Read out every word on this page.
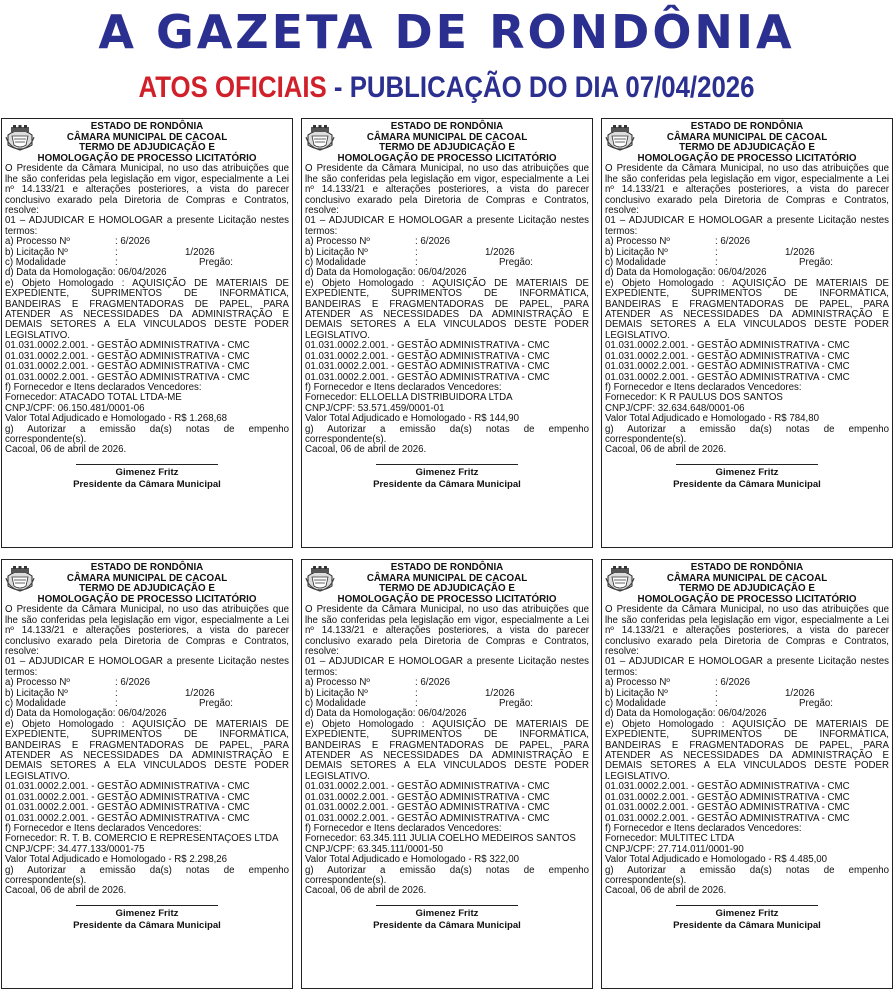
A GAZETA DE RONDÔNIA
ATOS OFICIAIS - PUBLICAÇÃO DO DIA 07/04/2026
ESTADO DE RONDÔNIA
CÂMARA MUNICIPAL DE CACOAL
TERMO DE ADJUDICAÇÃO E
HOMOLOGAÇÃO DE PROCESSO LICITATÓRIO

O Presidente da Câmara Municipal, no uso das atribuições que lhe são conferidas pela legislação em vigor, especialmente a Lei nº 14.133/21 e alterações posteriores, a vista do parecer conclusivo exarado pela Diretoria de Compras e Contratos, resolve:

01 – ADJUDICAR E HOMOLOGAR a presente Licitação nestes termos:

a) Processo Nº	: 6/2026
b) Licitação Nº	:	1/2026
c) Modalidade	:	Pregão:
d) Data da Homologação: 06/04/2026

e) Objeto Homologado : AQUISIÇÃO DE MATERIAIS DE EXPEDIENTE, SUPRIMENTOS DE INFORMÁTICA, BANDEIRAS E FRAGMENTADORAS DE PAPEL, PARA ATENDER AS NECESSIDADES DA ADMINISTRAÇÃO E DEMAIS SETORES A ELA VINCULADOS DESTE PODER LEGISLATIVO.

01.031.0002.2.001. - GESTÃO ADMINISTRATIVA - CMC
01.031.0002.2.001. - GESTÃO ADMINISTRATIVA - CMC
01.031.0002.2.001. - GESTÃO ADMINISTRATIVA - CMC
01.031.0002.2.001. - GESTÃO ADMINISTRATIVA - CMC
f) Fornecedor e Itens declarados Vencedores:
Fornecedor: ATACADO TOTAL LTDA-ME
CNPJ/CPF: 06.150.481/0001-06
Valor Total Adjudicado e Homologado - R$ 1.268,68

g) Autorizar a emissão da(s) notas de empenho correspondente(s).

Cacoal, 06 de abril de 2026.
Gimenez Fritz
Presidente da Câmara Municipal
ESTADO DE RONDÔNIA
CÂMARA MUNICIPAL DE CACOAL
TERMO DE ADJUDICAÇÃO E
HOMOLOGAÇÃO DE PROCESSO LICITATÓRIO

O Presidente da Câmara Municipal, no uso das atribuições que lhe são conferidas pela legislação em vigor, especialmente a Lei nº 14.133/21 e alterações posteriores, a vista do parecer conclusivo exarado pela Diretoria de Compras e Contratos, resolve:

01 – ADJUDICAR E HOMOLOGAR a presente Licitação nestes termos:

a) Processo Nº	: 6/2026
b) Licitação Nº	:	1/2026
c) Modalidade	:	Pregão:
d) Data da Homologação: 06/04/2026

e) Objeto Homologado : AQUISIÇÃO DE MATERIAIS DE EXPEDIENTE, SUPRIMENTOS DE INFORMÁTICA, BANDEIRAS E FRAGMENTADORAS DE PAPEL, PARA ATENDER AS NECESSIDADES DA ADMINISTRAÇÃO E DEMAIS SETORES A ELA VINCULADOS DESTE PODER LEGISLATIVO.

01.031.0002.2.001. - GESTÃO ADMINISTRATIVA - CMC
01.031.0002.2.001. - GESTÃO ADMINISTRATIVA - CMC
01.031.0002.2.001. - GESTÃO ADMINISTRATIVA - CMC
01.031.0002.2.001. - GESTÃO ADMINISTRATIVA - CMC
f) Fornecedor e Itens declarados Vencedores:
Fornecedor: ELLOELLA DISTRIBUIDORA LTDA
CNPJ/CPF: 53.571.459/0001-01
Valor Total Adjudicado e Homologado - R$ 144,90

g) Autorizar a emissão da(s) notas de empenho correspondente(s).

Cacoal, 06 de abril de 2026.
Gimenez Fritz
Presidente da Câmara Municipal
ESTADO DE RONDÔNIA
CÂMARA MUNICIPAL DE CACOAL
TERMO DE ADJUDICAÇÃO E
HOMOLOGAÇÃO DE PROCESSO LICITATÓRIO

O Presidente da Câmara Municipal, no uso das atribuições que lhe são conferidas pela legislação em vigor, especialmente a Lei nº 14.133/21 e alterações posteriores, a vista do parecer conclusivo exarado pela Diretoria de Compras e Contratos, resolve:

01 – ADJUDICAR E HOMOLOGAR a presente Licitação nestes termos:

a) Processo Nº	: 6/2026
b) Licitação Nº	:	1/2026
c) Modalidade	:	Pregão:
d) Data da Homologação: 06/04/2026

e) Objeto Homologado : AQUISIÇÃO DE MATERIAIS DE EXPEDIENTE, SUPRIMENTOS DE INFORMÁTICA, BANDEIRAS E FRAGMENTADORAS DE PAPEL, PARA ATENDER AS NECESSIDADES DA ADMINISTRAÇÃO E DEMAIS SETORES A ELA VINCULADOS DESTE PODER LEGISLATIVO.

01.031.0002.2.001. - GESTÃO ADMINISTRATIVA - CMC
01.031.0002.2.001. - GESTÃO ADMINISTRATIVA - CMC
01.031.0002.2.001. - GESTÃO ADMINISTRATIVA - CMC
01.031.0002.2.001. - GESTÃO ADMINISTRATIVA - CMC
f) Fornecedor e Itens declarados Vencedores:
Fornecedor: K R PAULUS DOS SANTOS
CNPJ/CPF: 32.634.648/0001-06
Valor Total Adjudicado e Homologado - R$ 784,80

g) Autorizar a emissão da(s) notas de empenho correspondente(s).

Cacoal, 06 de abril de 2026.
Gimenez Fritz
Presidente da Câmara Municipal
ESTADO DE RONDÔNIA
CÂMARA MUNICIPAL DE CACOAL
TERMO DE ADJUDICAÇÃO E
HOMOLOGAÇÃO DE PROCESSO LICITATÓRIO

O Presidente da Câmara Municipal, no uso das atribuições que lhe são conferidas pela legislação em vigor, especialmente a Lei nº 14.133/21 e alterações posteriores, a vista do parecer conclusivo exarado pela Diretoria de Compras e Contratos, resolve:

01 – ADJUDICAR E HOMOLOGAR a presente Licitação nestes termos:

a) Processo Nº	: 6/2026
b) Licitação Nº	:	1/2026
c) Modalidade	:	Pregão:
d) Data da Homologação: 06/04/2026

e) Objeto Homologado : AQUISIÇÃO DE MATERIAIS DE EXPEDIENTE, SUPRIMENTOS DE INFORMÁTICA, BANDEIRAS E FRAGMENTADORAS DE PAPEL, PARA ATENDER AS NECESSIDADES DA ADMINISTRAÇÃO E DEMAIS SETORES A ELA VINCULADOS DESTE PODER LEGISLATIVO.

01.031.0002.2.001. - GESTÃO ADMINISTRATIVA - CMC
01.031.0002.2.001. - GESTÃO ADMINISTRATIVA - CMC
01.031.0002.2.001. - GESTÃO ADMINISTRATIVA - CMC
01.031.0002.2.001. - GESTÃO ADMINISTRATIVA - CMC
f) Fornecedor e Itens declarados Vencedores:
Fornecedor: R. T. B. COMERCIO E REPRESENTAÇOES LTDA
CNPJ/CPF: 34.477.133/0001-75
Valor Total Adjudicado e Homologado - R$ 2.298,26

g) Autorizar a emissão da(s) notas de empenho correspondente(s).

Cacoal, 06 de abril de 2026.
Gimenez Fritz
Presidente da Câmara Municipal
ESTADO DE RONDÔNIA
CÂMARA MUNICIPAL DE CACOAL
TERMO DE ADJUDICAÇÃO E
HOMOLOGAÇÃO DE PROCESSO LICITATÓRIO

O Presidente da Câmara Municipal, no uso das atribuições que lhe são conferidas pela legislação em vigor, especialmente a Lei nº 14.133/21 e alterações posteriores, a vista do parecer conclusivo exarado pela Diretoria de Compras e Contratos, resolve:

01 – ADJUDICAR E HOMOLOGAR a presente Licitação nestes termos:

a) Processo Nº	: 6/2026
b) Licitação Nº	:	1/2026
c) Modalidade	:	Pregão:
d) Data da Homologação: 06/04/2026

e) Objeto Homologado : AQUISIÇÃO DE MATERIAIS DE EXPEDIENTE, SUPRIMENTOS DE INFORMÁTICA, BANDEIRAS E FRAGMENTADORAS DE PAPEL, PARA ATENDER AS NECESSIDADES DA ADMINISTRAÇÃO E DEMAIS SETORES A ELA VINCULADOS DESTE PODER LEGISLATIVO.

01.031.0002.2.001. - GESTÃO ADMINISTRATIVA - CMC
01.031.0002.2.001. - GESTÃO ADMINISTRATIVA - CMC
01.031.0002.2.001. - GESTÃO ADMINISTRATIVA - CMC
01.031.0002.2.001. - GESTÃO ADMINISTRATIVA - CMC
f) Fornecedor e Itens declarados Vencedores:
Fornecedor: 63.345.111 JULIA COELHO MEDEIROS SANTOS
CNPJ/CPF: 63.345.111/0001-50
Valor Total Adjudicado e Homologado - R$ 322,00

g) Autorizar a emissão da(s) notas de empenho correspondente(s).

Cacoal, 06 de abril de 2026.
Gimenez Fritz
Presidente da Câmara Municipal
ESTADO DE RONDÔNIA
CÂMARA MUNICIPAL DE CACOAL
TERMO DE ADJUDICAÇÃO E
HOMOLOGAÇÃO DE PROCESSO LICITATÓRIO

O Presidente da Câmara Municipal, no uso das atribuições que lhe são conferidas pela legislação em vigor, especialmente a Lei nº 14.133/21 e alterações posteriores, a vista do parecer conclusivo exarado pela Diretoria de Compras e Contratos, resolve:

01 – ADJUDICAR E HOMOLOGAR a presente Licitação nestes termos:

a) Processo Nº	: 6/2026
b) Licitação Nº	:	1/2026
c) Modalidade	:	Pregão:
d) Data da Homologação: 06/04/2026

e) Objeto Homologado : AQUISIÇÃO DE MATERIAIS DE EXPEDIENTE, SUPRIMENTOS DE INFORMÁTICA, BANDEIRAS E FRAGMENTADORAS DE PAPEL, PARA ATENDER AS NECESSIDADES DA ADMINISTRAÇÃO E DEMAIS SETORES A ELA VINCULADOS DESTE PODER LEGISLATIVO.

01.031.0002.2.001. - GESTÃO ADMINISTRATIVA - CMC
01.031.0002.2.001. - GESTÃO ADMINISTRATIVA - CMC
01.031.0002.2.001. - GESTÃO ADMINISTRATIVA - CMC
01.031.0002.2.001. - GESTÃO ADMINISTRATIVA - CMC
f) Fornecedor e Itens declarados Vencedores:
Fornecedor: MULTITEC LTDA
CNPJ/CPF: 27.714.011/0001-90
Valor Total Adjudicado e Homologado - R$ 4.485,00

g) Autorizar a emissão da(s) notas de empenho correspondente(s).

Cacoal, 06 de abril de 2026.
Gimenez Fritz
Presidente da Câmara Municipal
